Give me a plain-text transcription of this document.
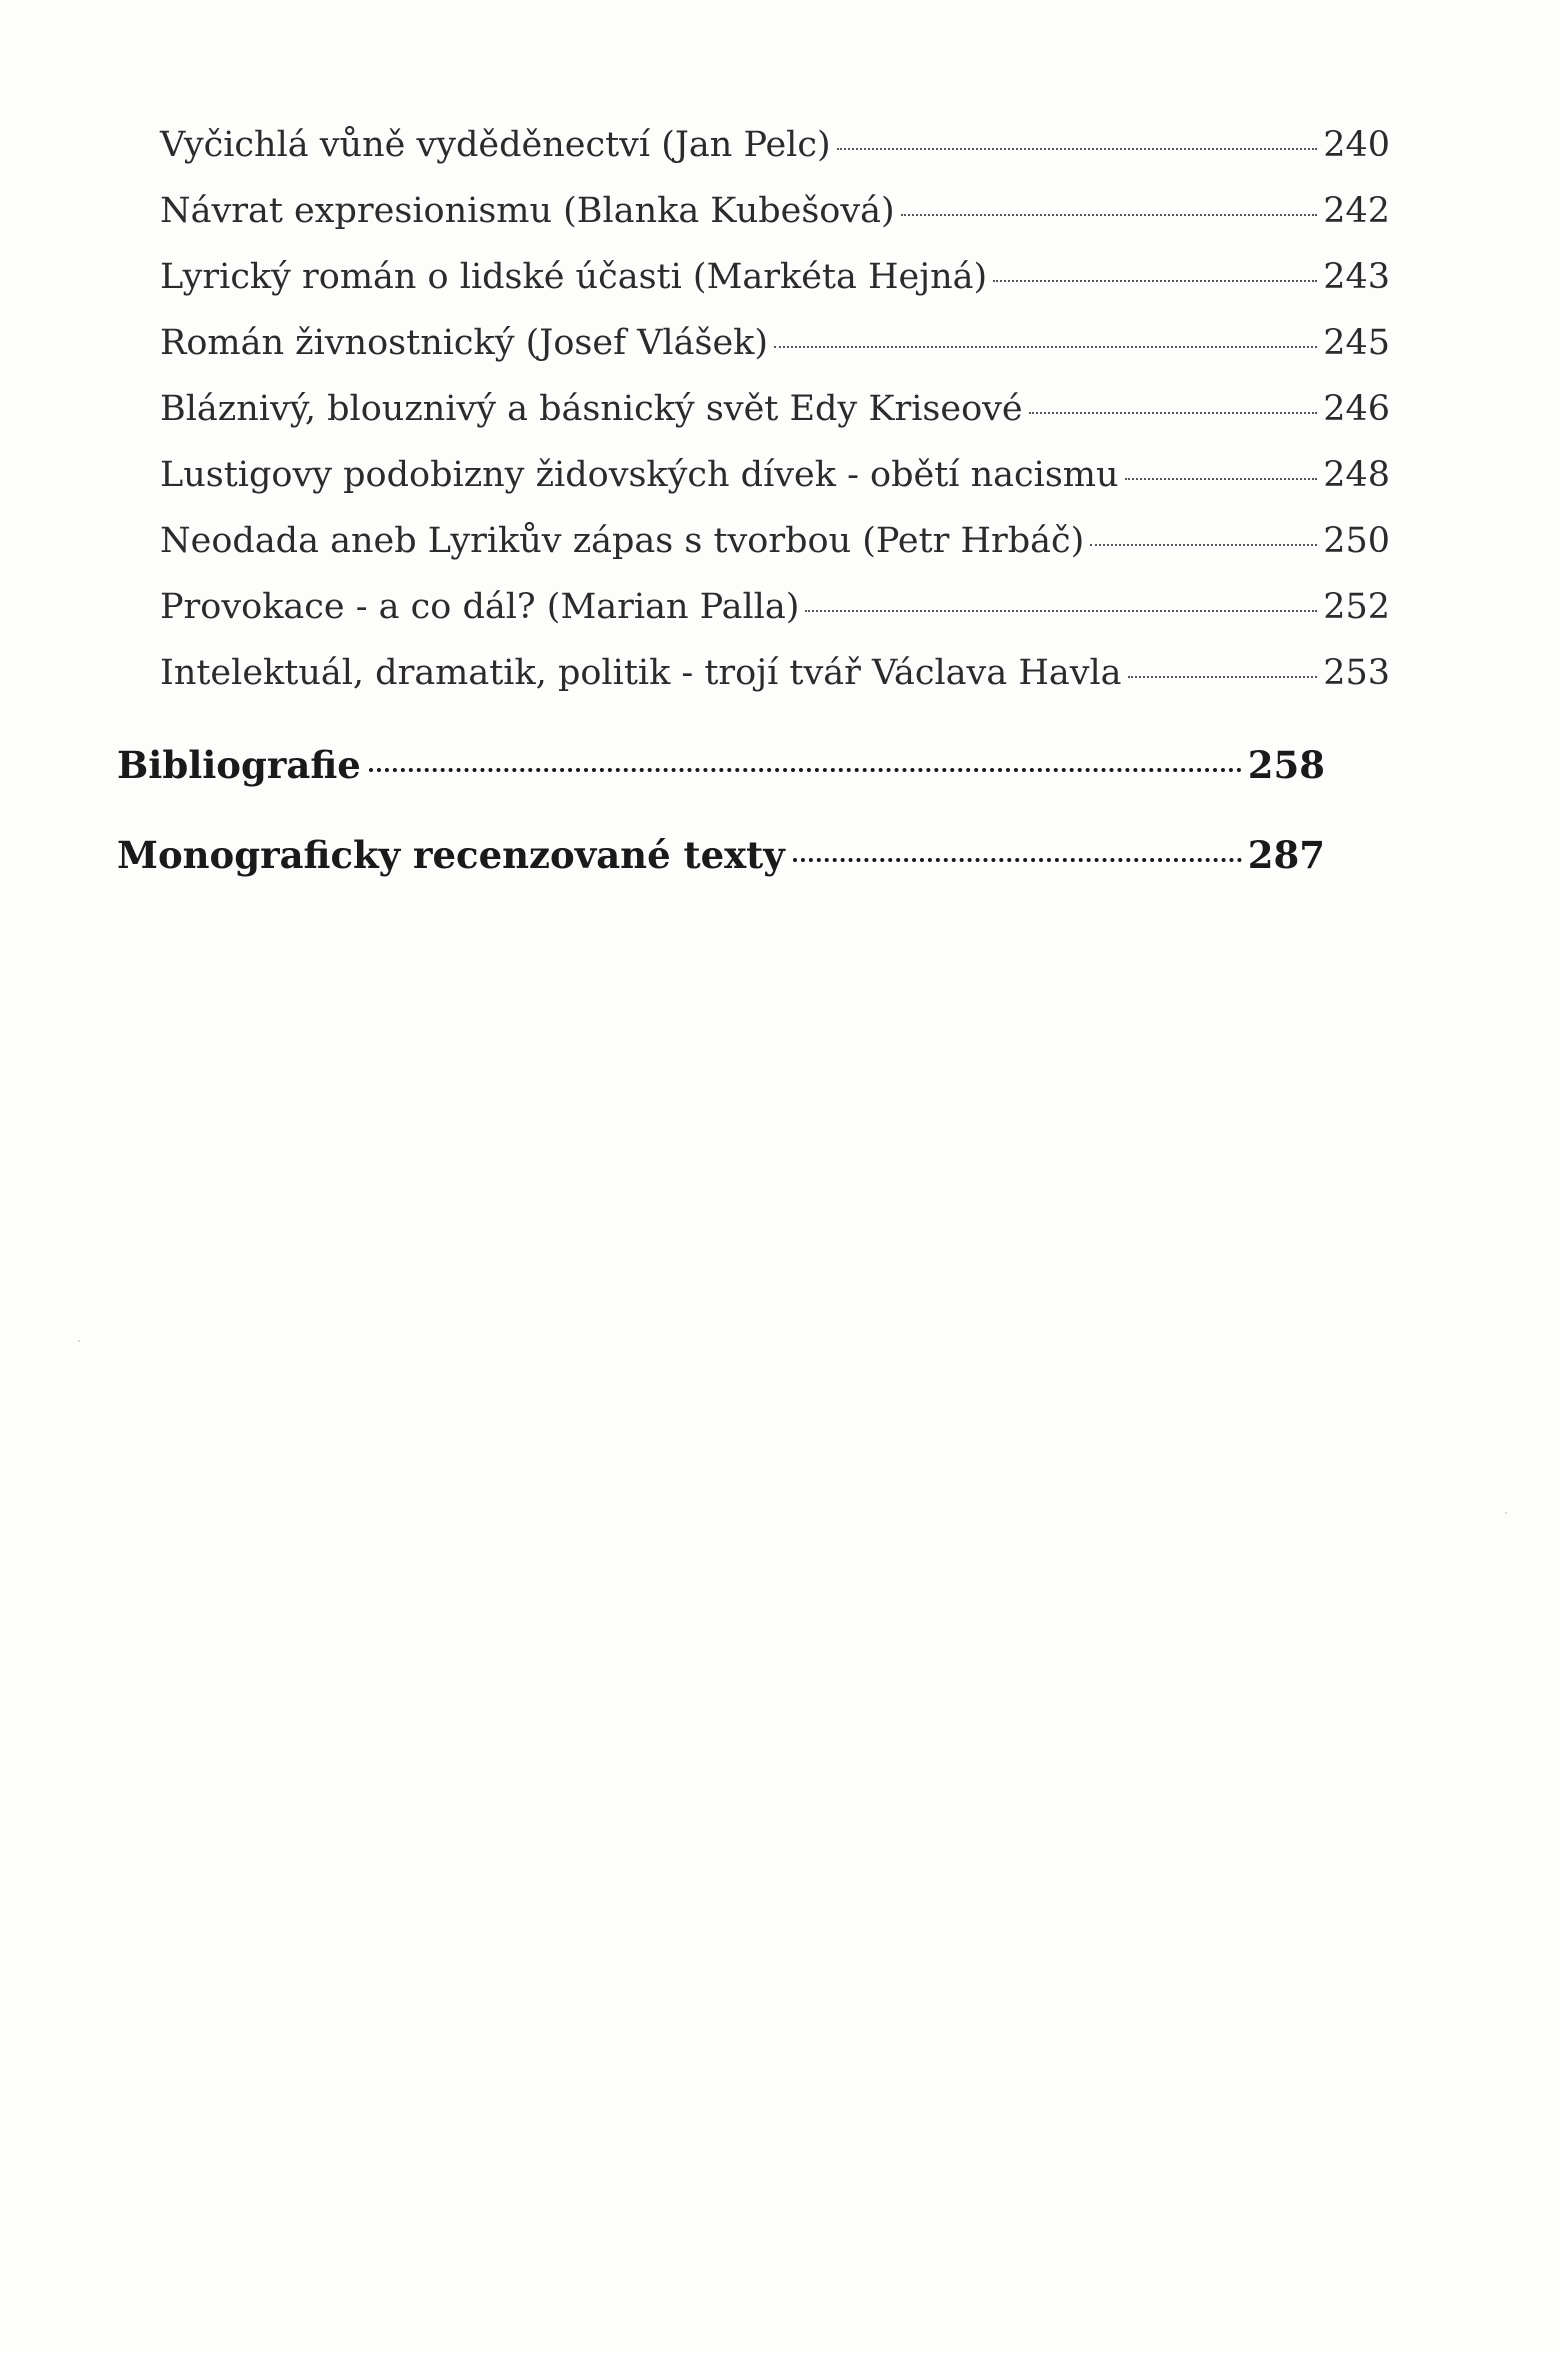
Vyčichlá vůně vyděděnectví (Jan Pelc)	240
Návrat expresionismu (Blanka Kubešová)	242
Lyrický román o lidské účasti (Markéta Hejná)	243
Román živnostnický (Josef Vlášek)	245
Bláznivý, blouznivý a básnický svět Edy Kriseové	246
Lustigovy podobizny židovských dívek - obětí nacismu	248
Neodada aneb Lyrikův zápas s tvorbou (Petr Hrbáč)	250
Provokace - a co dál? (Marian Palla)	252
Intelektuál, dramatik, politik - trojí tvář Václava Havla	253
Bibliografie	258
Monograficky recenzované texty	287
